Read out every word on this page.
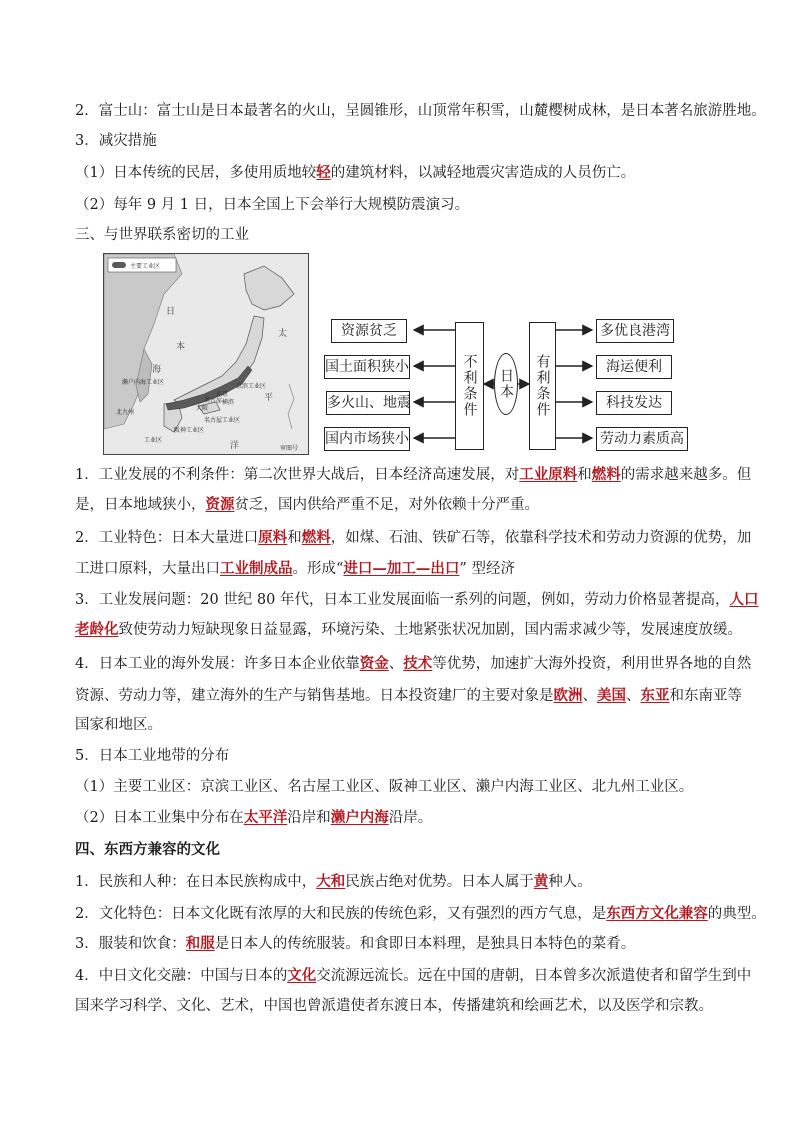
2．富士山：富士山是日本最著名的火山，呈圆锥形，山顶常年积雪，山麓樱树成林，是日本著名旅游胜地。
3．减灾措施
（1）日本传统的民居，多使用质地较轻的建筑材料，以减轻地震灾害造成的人员伤亡。
（2）每年 9 月 1 日，日本全国上下会举行大规模防震演习。
三、与世界联系密切的工业
主要工业区
日
本
海
太
平
洋
京滨工业区
濑户内海工业区
名古屋工业区
阪神工业区
北九州
工业区
东京
大阪
名古屋 横滨
审图号
资源贫乏
国土面积狭小
多火山、地震
国内市场狭小
不利条件	日本	有利条件
多优良港湾
海运便利
科技发达
劳动力素质高
1．工业发展的不利条件：第二次世界大战后，日本经济高速发展，对工业原料和燃料的需求越来越多。但
是，日本地域狭小，资源贫乏，国内供给严重不足，对外依赖十分严重。
2．工业特色：日本大量进口原料和燃料，如煤、石油、铁矿石等，依靠科学技术和劳动力资源的优势，加
工进口原料，大量出口工业制成品。形成“进口—加工—出口” 型经济
3．工业发展问题：20 世纪 80 年代，日本工业发展面临一系列的问题，例如，劳动力价格显著提高，人口
老龄化致使劳动力短缺现象日益显露，环境污染、土地紧张状况加剧，国内需求减少等，发展速度放缓。
4．日本工业的海外发展：许多日本企业依靠资金、技术等优势，加速扩大海外投资，利用世界各地的自然
资源、劳动力等，建立海外的生产与销售基地。日本投资建厂的主要对象是欧洲、美国、东亚和东南亚等
国家和地区。
5．日本工业地带的分布
（1）主要工业区：京滨工业区、名古屋工业区、阪神工业区、濑户内海工业区、北九州工业区。
（2）日本工业集中分布在太平洋沿岸和濑户内海沿岸。
四、东西方兼容的文化
1．民族和人种：在日本民族构成中，大和民族占绝对优势。日本人属于黄种人。
2．文化特色：日本文化既有浓厚的大和民族的传统色彩，又有强烈的西方气息，是东西方文化兼容的典型。
3．服装和饮食：和服是日本人的传统服装。和食即日本料理，是独具日本特色的菜肴。
4．中日文化交融：中国与日本的文化交流源远流长。远在中国的唐朝，日本曾多次派遣使者和留学生到中
国来学习科学、文化、艺术，中国也曾派遣使者东渡日本，传播建筑和绘画艺术，以及医学和宗教。
